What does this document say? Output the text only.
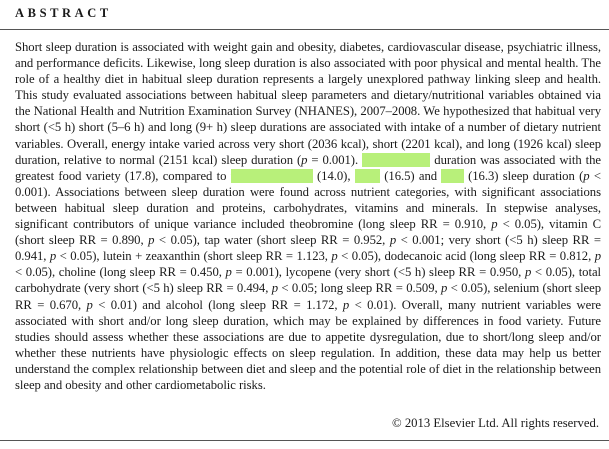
ABSTRACT

Short sleep duration is associated with weight gain and obesity, diabetes, cardiovascular disease, psychiatric illness, and performance deficits. Likewise, long sleep duration is also associated with poor physical and mental health. The role of a healthy diet in habitual sleep duration represents a largely unexplored pathway linking sleep and health. This study evaluated associations between habitual sleep parameters and dietary/nutritional variables obtained via the National Health and Nutrition Examination Survey (NHANES), 2007–2008. We hypothesized that habitual very short (<5 h) short (5–6 h) and long (9+ h) sleep durations are associated with intake of a number of dietary nutrient variables. Overall, energy intake varied across very short (2036 kcal), short (2201 kcal), and long (1926 kcal) sleep duration, relative to normal (2151 kcal) sleep duration (p = 0.001). Normal sleep duration was associated with the greatest food variety (17.8), compared to very short sleep (14.0), short (16.5) and long (16.3) sleep duration (p < 0.001). Associations between sleep duration were found across nutrient categories, with significant associations between habitual sleep duration and proteins, carbohydrates, vitamins and minerals. In stepwise analyses, significant contributors of unique variance included theobromine (long sleep RR = 0.910, p < 0.05), vitamin C (short sleep RR = 0.890, p < 0.05), tap water (short sleep RR = 0.952, p < 0.001; very short (<5 h) sleep RR = 0.941, p < 0.05), lutein + zeaxanthin (short sleep RR = 1.123, p < 0.05), dodecanoic acid (long sleep RR = 0.812, p < 0.05), choline (long sleep RR = 0.450, p = 0.001), lycopene (very short (<5 h) sleep RR = 0.950, p < 0.05), total carbohydrate (very short (<5 h) sleep RR = 0.494, p < 0.05; long sleep RR = 0.509, p < 0.05), selenium (short sleep RR = 0.670, p < 0.01) and alcohol (long sleep RR = 1.172, p < 0.01). Overall, many nutrient variables were associated with short and/or long sleep duration, which may be explained by differences in food variety. Future studies should assess whether these associations are due to appetite dysregulation, due to short/long sleep and/or whether these nutrients have physiologic effects on sleep regulation. In addition, these data may help us better understand the complex relationship between diet and sleep and the potential role of diet in the relationship between sleep and obesity and other cardiometabolic risks.

© 2013 Elsevier Ltd. All rights reserved.
